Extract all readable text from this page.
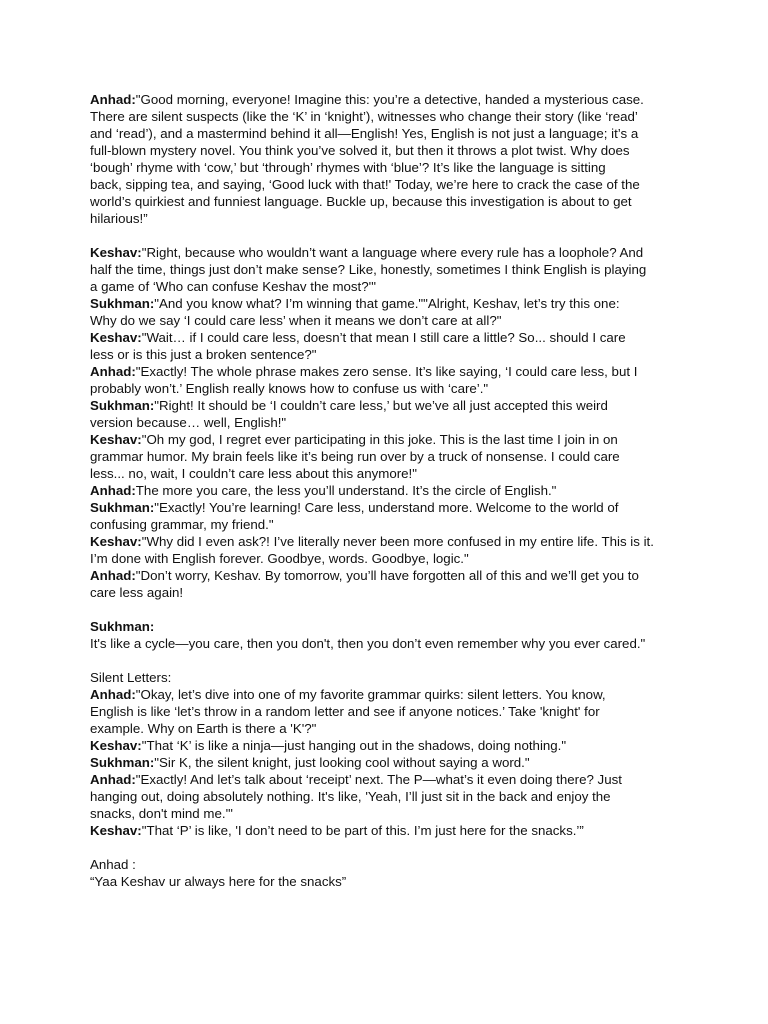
Anhad:"Good morning, everyone! Imagine this: you’re a detective, handed a mysterious case.
There are silent suspects (like the ‘K’ in ‘knight’), witnesses who change their story (like ‘read’
and ‘read’), and a mastermind behind it all—English! Yes, English is not just a language; it’s a
full-blown mystery novel. You think you’ve solved it, but then it throws a plot twist. Why does
‘bough’ rhyme with ‘cow,’ but ‘through’ rhymes with ‘blue’? It’s like the language is sitting
back, sipping tea, and saying, ‘Good luck with that!' Today, we’re here to crack the case of the
world’s quirkiest and funniest language. Buckle up, because this investigation is about to get
hilarious!”
Keshav:"Right, because who wouldn’t want a language where every rule has a loophole? And
half the time, things just don’t make sense? Like, honestly, sometimes I think English is playing
a game of ‘Who can confuse Keshav the most?'"
Sukhman:"And you know what? I’m winning that game.""Alright, Keshav, let’s try this one:
Why do we say ‘I could care less’ when it means we don’t care at all?"
Keshav:"Wait… if I could care less, doesn’t that mean I still care a little? So... should I care
less or is this just a broken sentence?"
Anhad:"Exactly! The whole phrase makes zero sense. It’s like saying, ‘I could care less, but I
probably won’t.’ English really knows how to confuse us with ‘care’."
Sukhman:"Right! It should be ‘I couldn’t care less,’ but we’ve all just accepted this weird
version because… well, English!"
Keshav:"Oh my god, I regret ever participating in this joke. This is the last time I join in on
grammar humor. My brain feels like it’s being run over by a truck of nonsense. I could care
less... no, wait, I couldn’t care less about this anymore!"
Anhad:The more you care, the less you’ll understand. It’s the circle of English."
Sukhman:"Exactly! You’re learning! Care less, understand more. Welcome to the world of
confusing grammar, my friend."
Keshav:"Why did I even ask?! I’ve literally never been more confused in my entire life. This is it.
I’m done with English forever. Goodbye, words. Goodbye, logic."
Anhad:"Don’t worry, Keshav. By tomorrow, you’ll have forgotten all of this and we’ll get you to
care less again!
Sukhman:
It's like a cycle—you care, then you don't, then you don’t even remember why you ever cared."
Silent Letters:
Anhad:"Okay, let’s dive into one of my favorite grammar quirks: silent letters. You know,
English is like ‘let’s throw in a random letter and see if anyone notices.’ Take 'knight' for
example. Why on Earth is there a 'K'?"
Keshav:"That ‘K’ is like a ninja—just hanging out in the shadows, doing nothing."
Sukhman:"Sir K, the silent knight, just looking cool without saying a word."
Anhad:"Exactly! And let’s talk about ‘receipt’ next. The P—what’s it even doing there? Just
hanging out, doing absolutely nothing. It's like, 'Yeah, I’ll just sit in the back and enjoy the
snacks, don't mind me.'"
Keshav:"That ‘P’ is like, 'I don’t need to be part of this. I’m just here for the snacks.’”
Anhad :
“Yaa Keshav ur always here for the snacks”
